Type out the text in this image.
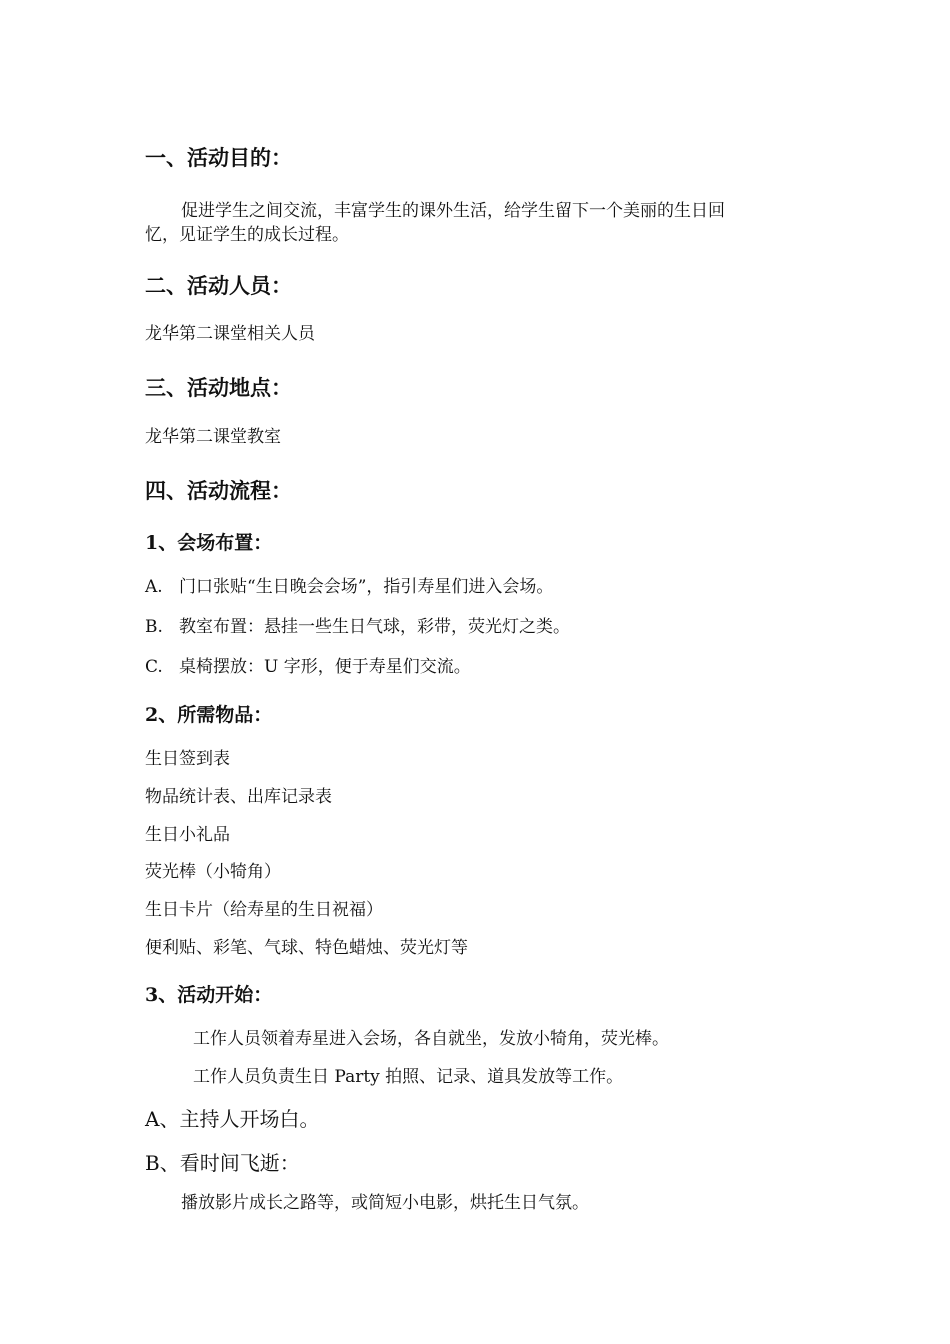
一、活动目的：
促进学生之间交流，丰富学生的课外生活，给学生留下一个美丽的生日回
忆，见证学生的成长过程。
二、活动人员：
龙华第二课堂相关人员
三、活动地点：
龙华第二课堂教室
四、活动流程：
1、会场布置：
A. 门口张贴“生日晚会会场”，指引寿星们进入会场。
B. 教室布置：悬挂一些生日气球，彩带，荧光灯之类。
C. 桌椅摆放：U 字形，便于寿星们交流。
2、所需物品：
生日签到表
物品统计表、出库记录表
生日小礼品
荧光棒（小犄角）
生日卡片（给寿星的生日祝福）
便利贴、彩笔、气球、特色蜡烛、荧光灯等
3、活动开始：
工作人员领着寿星进入会场，各自就坐，发放小犄角，荧光棒。
工作人员负责生日 Party 拍照、记录、道具发放等工作。
A、主持人开场白。
B、看时间飞逝：
播放影片成长之路等，或简短小电影，烘托生日气氛。
